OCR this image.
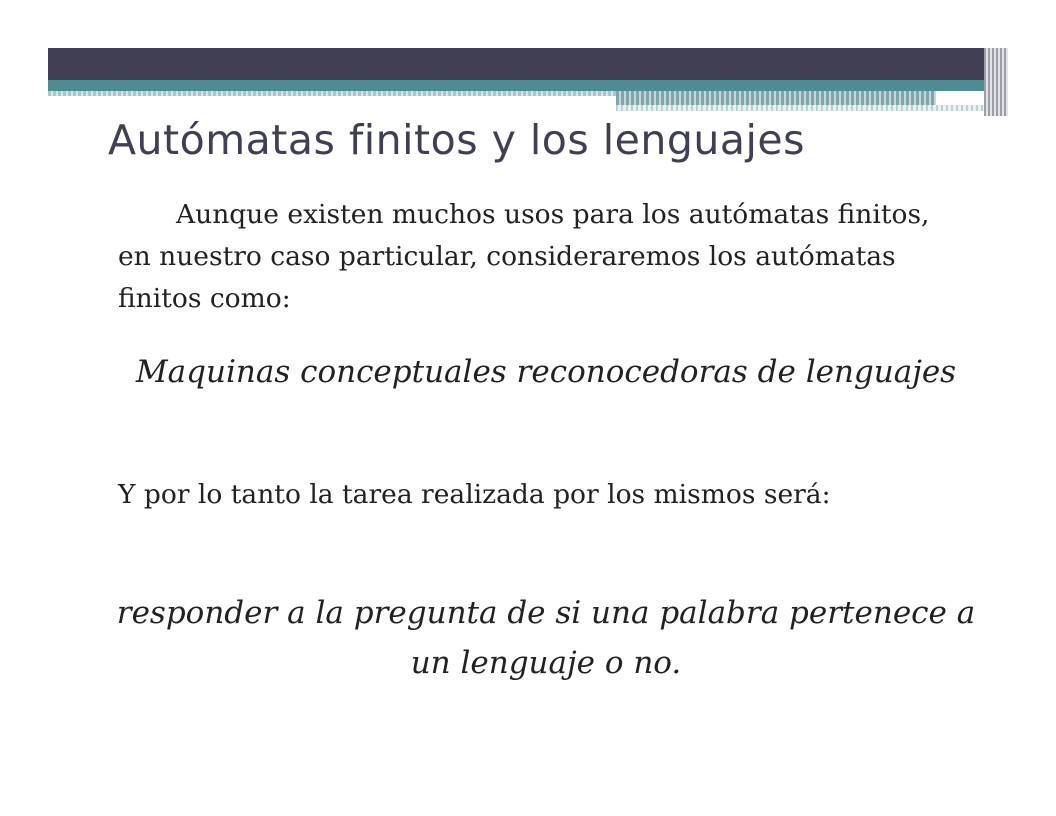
Autómatas finitos y los lenguajes

Aunque existen muchos usos para los autómatas finitos, en nuestro caso particular, consideraremos los autómatas finitos como:

Maquinas conceptuales reconocedoras de lenguajes

Y por lo tanto la tarea realizada por los mismos será:

responder a la pregunta de si una palabra pertenece a un lenguaje o no.
